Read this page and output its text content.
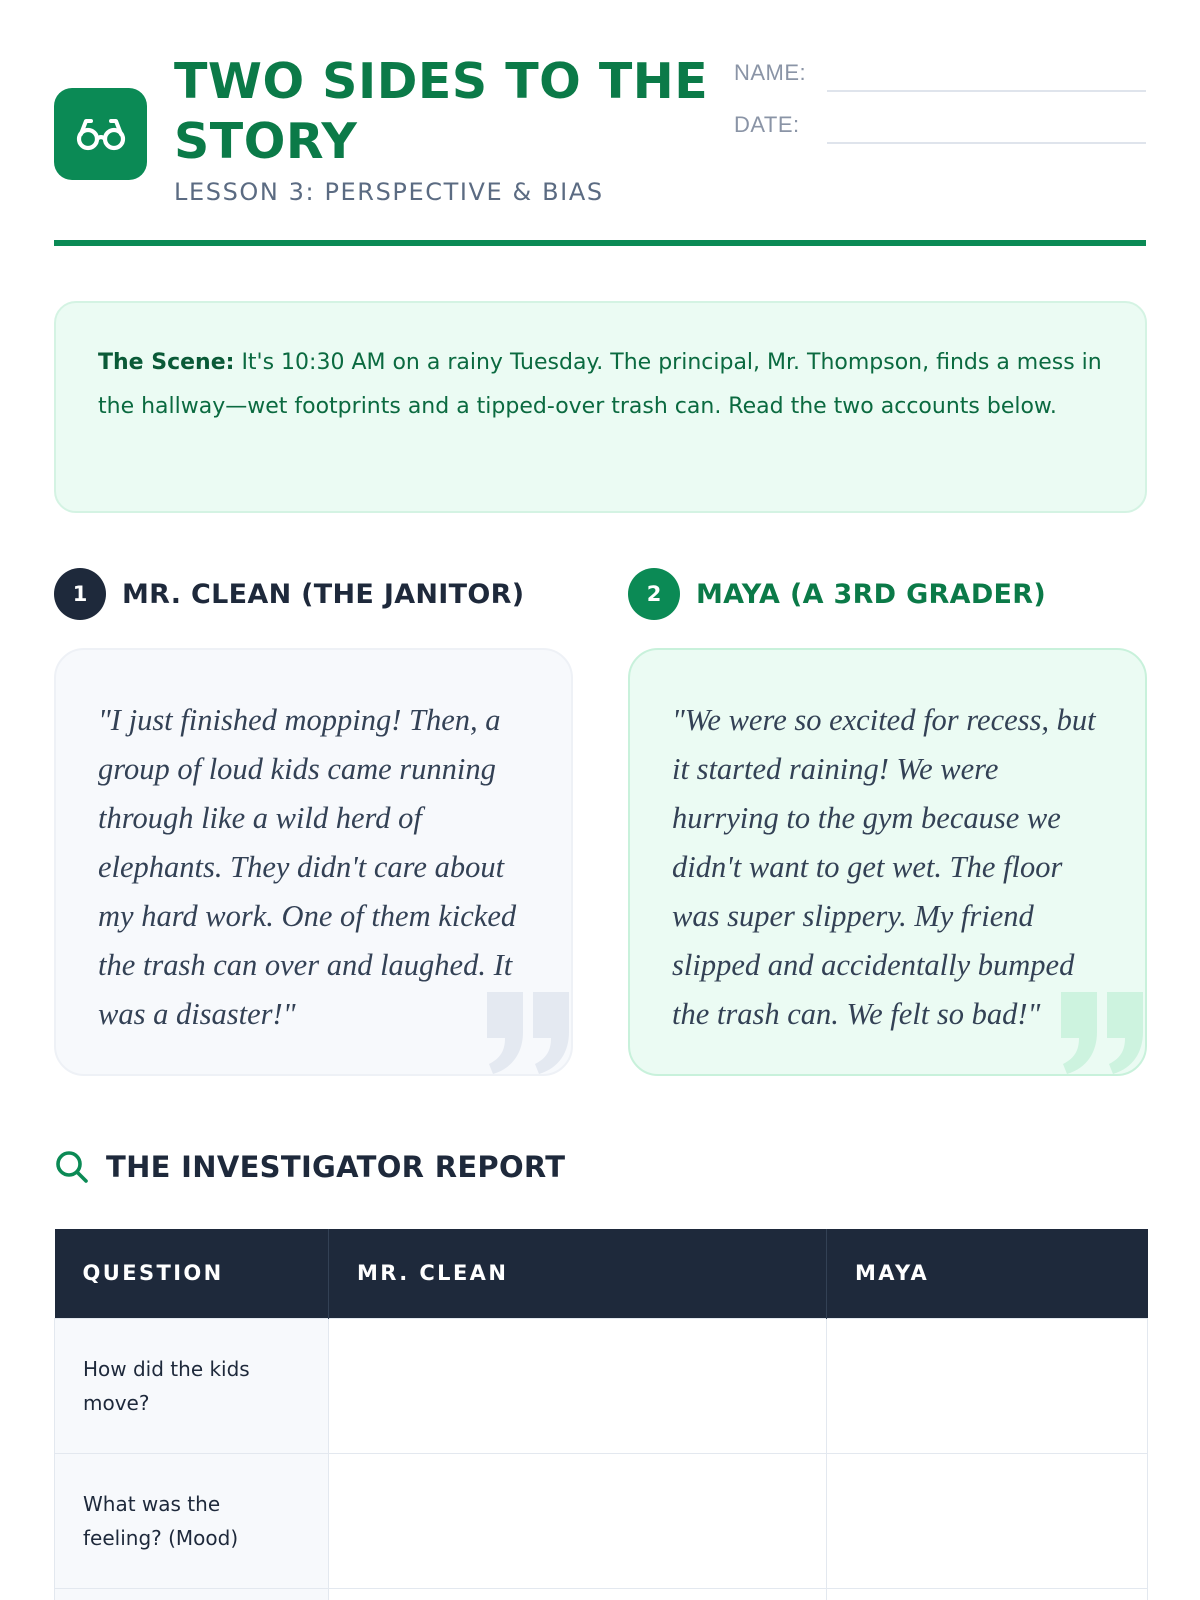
TWO SIDES TO THE STORY
LESSON 3: PERSPECTIVE & BIAS
NAME:
DATE:
The Scene: It's 10:30 AM on a rainy Tuesday. The principal, Mr. Thompson, finds a mess in the hallway—wet footprints and a tipped-over trash can. Read the two accounts below.
1	MR. CLEAN (THE JANITOR)

"I just finished mopping! Then, a group of loud kids came running through like a wild herd of elephants. They didn't care about my hard work. One of them kicked the trash can over and laughed. It was a disaster!"

2	MAYA (A 3RD GRADER)

"We were so excited for recess, but it started raining! We were hurrying to the gym because we didn't want to get wet. The floor was super slippery. My friend slipped and accidentally bumped the trash can. We felt so bad!"

THE INVESTIGATOR REPORT
QUESTION	MR. CLEAN	MAYA
How did the kids move?		
What was the feeling? (Mood)		
